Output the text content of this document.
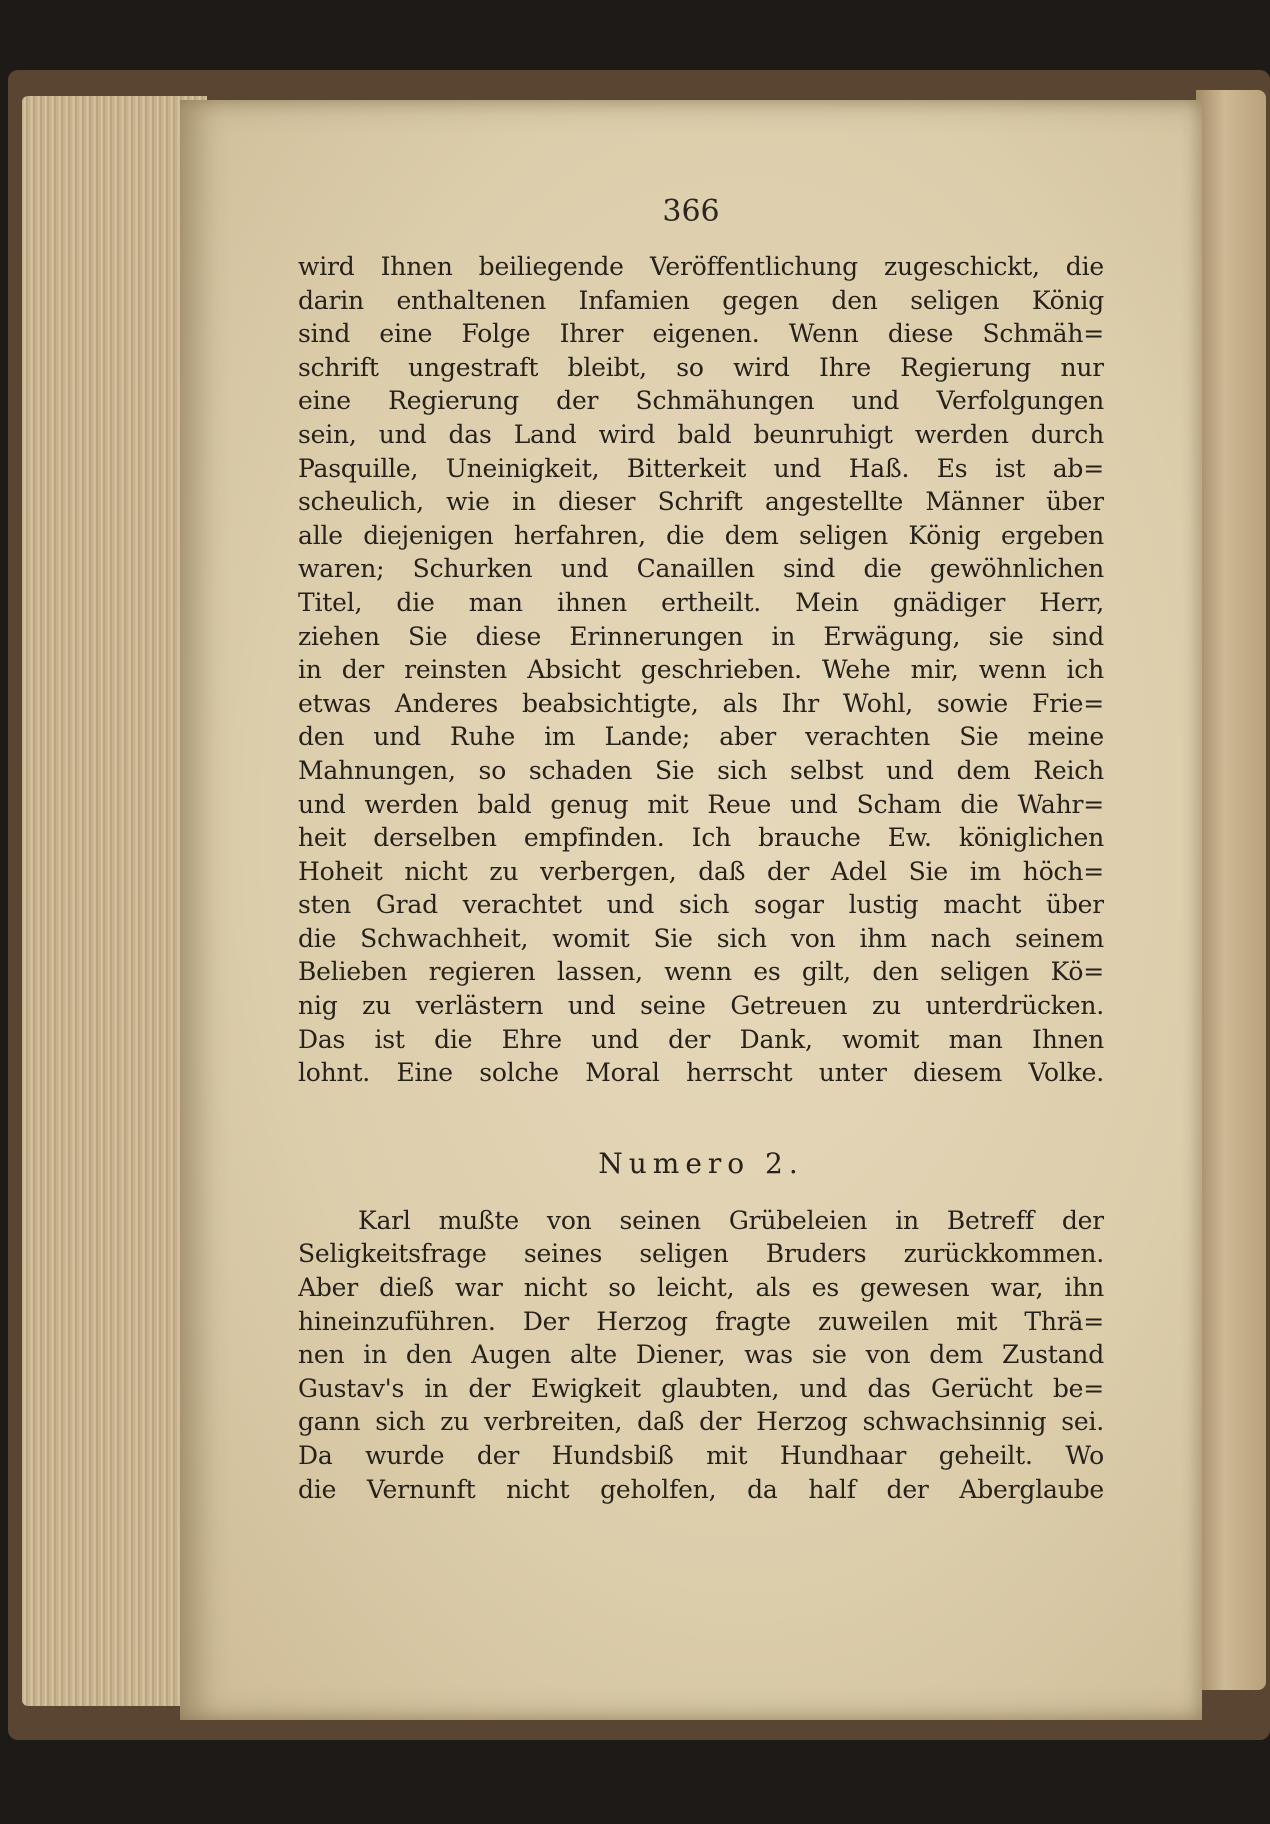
366
wird Ihnen beiliegende Veröffentlichung zugeschickt, die
darin enthaltenen Infamien gegen den seligen König
sind eine Folge Ihrer eigenen. Wenn diese Schmäh=
schrift ungestraft bleibt, so wird Ihre Regierung nur
eine Regierung der Schmähungen und Verfolgungen
sein, und das Land wird bald beunruhigt werden durch
Pasquille, Uneinigkeit, Bitterkeit und Haß. Es ist ab=
scheulich, wie in dieser Schrift angestellte Männer über
alle diejenigen herfahren, die dem seligen König ergeben
waren; Schurken und Canaillen sind die gewöhnlichen
Titel, die man ihnen ertheilt. Mein gnädiger Herr,
ziehen Sie diese Erinnerungen in Erwägung, sie sind
in der reinsten Absicht geschrieben. Wehe mir, wenn ich
etwas Anderes beabsichtigte, als Ihr Wohl, sowie Frie=
den und Ruhe im Lande; aber verachten Sie meine
Mahnungen, so schaden Sie sich selbst und dem Reich
und werden bald genug mit Reue und Scham die Wahr=
heit derselben empfinden. Ich brauche Ew. königlichen
Hoheit nicht zu verbergen, daß der Adel Sie im höch=
sten Grad verachtet und sich sogar lustig macht über
die Schwachheit, womit Sie sich von ihm nach seinem
Belieben regieren lassen, wenn es gilt, den seligen Kö=
nig zu verlästern und seine Getreuen zu unterdrücken.
Das ist die Ehre und der Dank, womit man Ihnen
lohnt. Eine solche Moral herrscht unter diesem Volke.
Numero 2.
Karl mußte von seinen Grübeleien in Betreff der
Seligkeitsfrage seines seligen Bruders zurückkommen.
Aber dieß war nicht so leicht, als es gewesen war, ihn
hineinzuführen. Der Herzog fragte zuweilen mit Thrä=
nen in den Augen alte Diener, was sie von dem Zustand
Gustav's in der Ewigkeit glaubten, und das Gerücht be=
gann sich zu verbreiten, daß der Herzog schwachsinnig sei.
Da wurde der Hundsbiß mit Hundhaar geheilt. Wo
die Vernunft nicht geholfen, da half der Aberglaube
